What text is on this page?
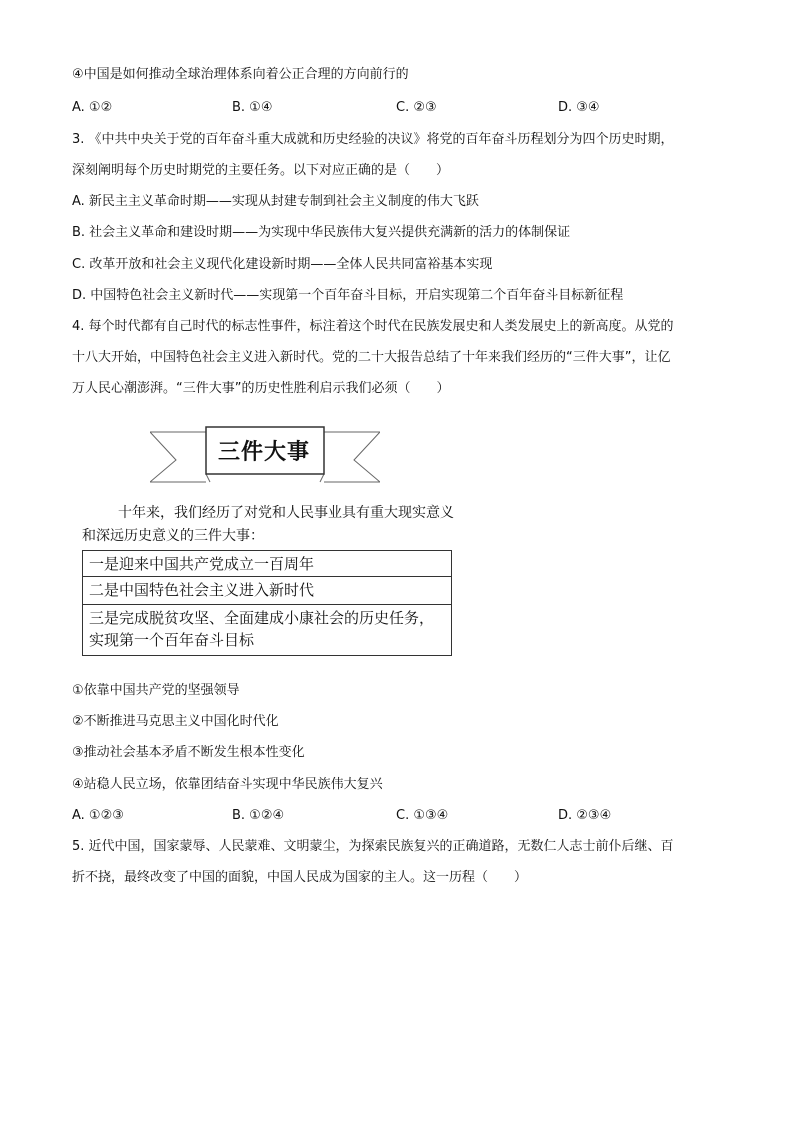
④中国是如何推动全球治理体系向着公正合理的方向前行的
A. ①②	B. ①④	C. ②③	D. ③④
3. 《中共中央关于党的百年奋斗重大成就和历史经验的决议》将党的百年奋斗历程划分为四个历史时期，
深刻阐明每个历史时期党的主要任务。以下对应正确的是（　　）
A. 新民主主义革命时期——实现从封建专制到社会主义制度的伟大飞跃
B. 社会主义革命和建设时期——为实现中华民族伟大复兴提供充满新的活力的体制保证
C. 改革开放和社会主义现代化建设新时期——全体人民共同富裕基本实现
D. 中国特色社会主义新时代——实现第一个百年奋斗目标，开启实现第二个百年奋斗目标新征程
4. 每个时代都有自己时代的标志性事件，标注着这个时代在民族发展史和人类发展史上的新高度。从党的
十八大开始，中国特色社会主义进入新时代。党的二十大报告总结了十年来我们经历的“三件大事”，让亿
万人民心潮澎湃。“三件大事”的历史性胜利启示我们必须（　　）
三件大事
十年来，我们经历了对党和人民事业具有重大现实意义和深远历史意义的三件大事：
一是迎来中国共产党成立一百周年
二是中国特色社会主义进入新时代
三是完成脱贫攻坚、全面建成小康社会的历史任务，实现第一个百年奋斗目标
①依靠中国共产党的坚强领导
②不断推进马克思主义中国化时代化
③推动社会基本矛盾不断发生根本性变化
④站稳人民立场，依靠团结奋斗实现中华民族伟大复兴
A. ①②③	B. ①②④	C. ①③④	D. ②③④
5. 近代中国，国家蒙辱、人民蒙难、文明蒙尘，为探索民族复兴的正确道路，无数仁人志士前仆后继、百
折不挠，最终改变了中国的面貌，中国人民成为国家的主人。这一历程（　　）
